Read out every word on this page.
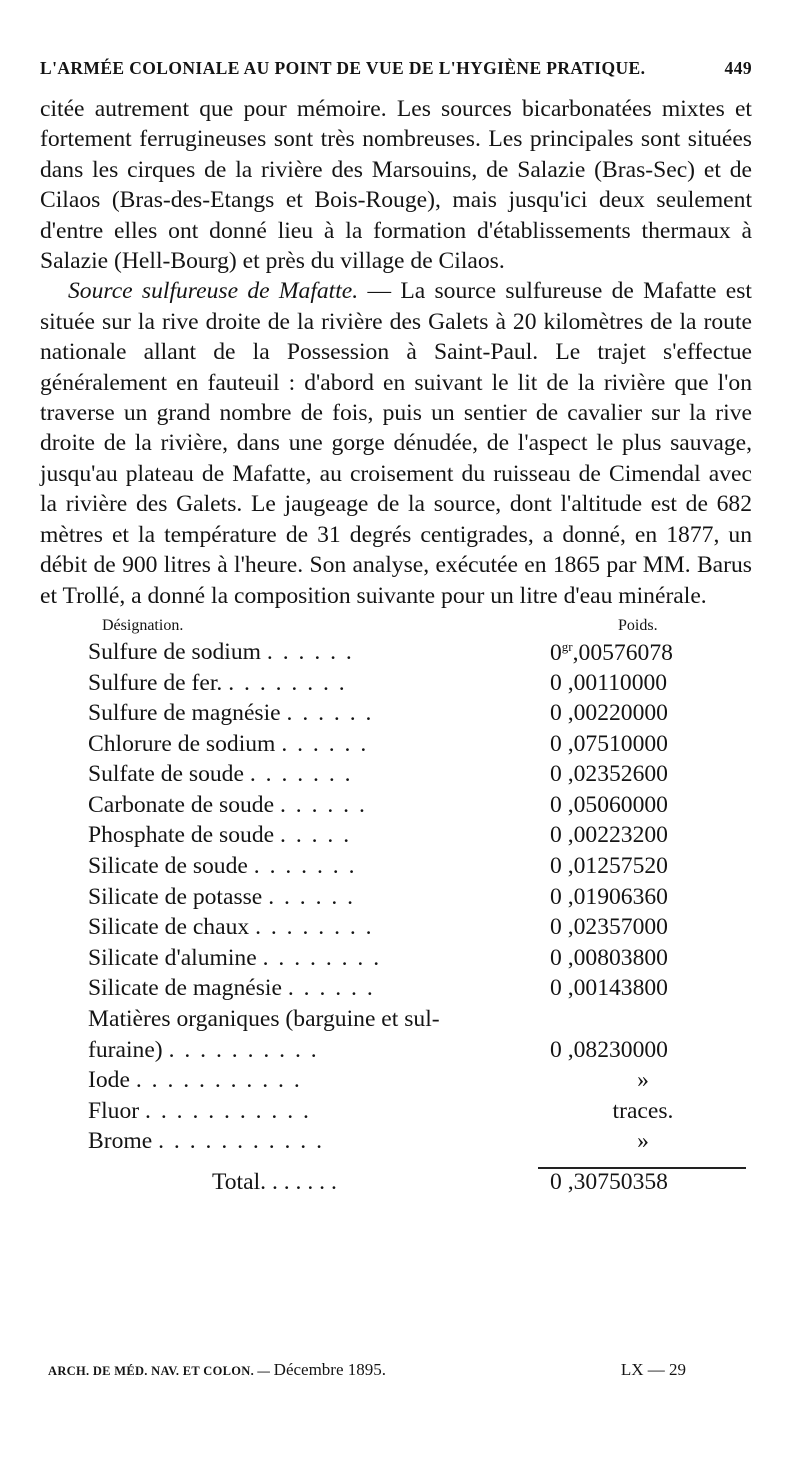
L'ARMÉE COLONIALE AU POINT DE VUE DE L'HYGIÈNE PRATIQUE.	449

citée autrement que pour mémoire. Les sources bicarbonatées mixtes et fortement ferrugineuses sont très nombreuses. Les principales sont situées dans les cirques de la rivière des Marsouins, de Salazie (Bras-Sec) et de Cilaos (Bras-des-Etangs et Bois-Rouge), mais jusqu'ici deux seulement d'entre elles ont donné lieu à la formation d'établissements thermaux à Salazie (Hell-Bourg) et près du village de Cilaos.

Source sulfureuse de Mafatte. — La source sulfureuse de Mafatte est située sur la rive droite de la rivière des Galets à 20 kilomètres de la route nationale allant de la Possession à Saint-Paul. Le trajet s'effectue généralement en fauteuil : d'abord en suivant le lit de la rivière que l'on traverse un grand nombre de fois, puis un sentier de cavalier sur la rive droite de la rivière, dans une gorge dénudée, de l'aspect le plus sauvage, jusqu'au plateau de Mafatte, au croisement du ruisseau de Cimendal avec la rivière des Galets. Le jaugeage de la source, dont l'altitude est de 682 mètres et la température de 31 degrés centigrades, a donné, en 1877, un débit de 900 litres à l'heure. Son analyse, exécutée en 1865 par MM. Barus et Trollé, a donné la composition suivante pour un litre d'eau minérale.

Désignation.	Poids.
Sulfure de sodium . . . . . .	$0^{gr},00576078$
Sulfure de fer. . . . . . . . .	0 ,00110000
Sulfure de magnésie . . . . . .	0 ,00220000
Chlorure de sodium . . . . . .	0 ,07510000
Sulfate de soude . . . . . . .	0 ,02352600
Carbonate de soude . . . . . .	0 ,05060000
Phosphate de soude . . . . .	0 ,00223200
Silicate de soude . . . . . . .	0 ,01257520
Silicate de potasse . . . . . .	0 ,01906360
Silicate de chaux . . . . . . . .	0 ,02357000
Silicate d'alumine . . . . . . . .	0 ,00803800
Silicate de magnésie . . . . . .	0 ,00143800
Matières organiques (barguine et sul-
furaine) . . . . . . . . . .	0 ,08230000
Iode . . . . . . . . . . .	»
Fluor . . . . . . . . . . .	traces.
Brome . . . . . . . . . . .	»
Total. . . . . . .	0 ,30750358
ARCH. DE MÉD. NAV. ET COLON. — Décembre 1895.	LX — 29
